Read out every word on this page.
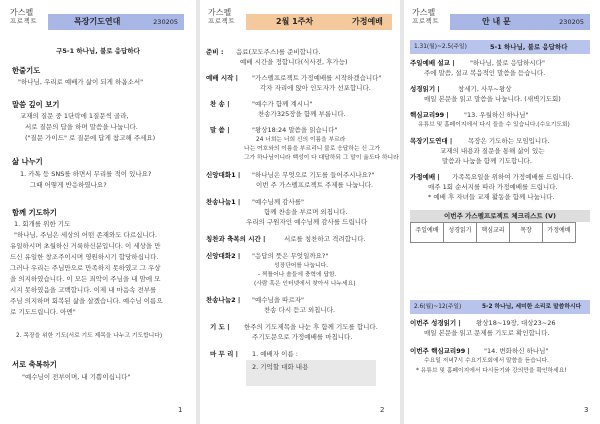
가스펠
프로젝트	목장기도연대	230205
구5-1 하나님, 불로 응답하다
한줄기도
"하나님, 우리로 예배가 삶이 되게 하옵소서"
말씀 깊이 보기
교재의 질문 중 1단락에 1질문씩 골라,
서로 질문의 답을 하며 말씀을 나눕니다.
("질문 가이드" 로 질문에 답게 참고해 주세요)
삶 나누기
1. 카톡 등 SNS를 하면서 무리를 적이 있나요?
그때 어떻게 반응하였나요?
함께 기도하기
1. 회개를 위한 기도
"하나님, 주님은 세상의 어떤 존재와도 다르십니다.
유일하시며 초월하신 거룩하신분입니다. 이 세상을 만
드신 유일한 창조주이시며 영원하시기 합당하십니다.
그러나 우리는 주님만으로 만족하지 못하였고 그 우상
을 의지하였습니다. 이 모든 죄악이 주님을 내 맘에 모
시지 못하였음을 고백합니다. 이제 내 마음속 전부를
주님 의지하며 회복된 삶을 살겠습니다. 예수님 이름으
로 기도드립니다. 아멘"
2. 목장을 위한 기도(서로 기도 제목을 나누고 기도합니다)
서로 축복하기
"예수님이 전부이며, 내 기쁨이십니다"
1
가스펠
프로젝트	2월 1주차	가정예배
준비 : 음료(꼬도주스)를 준비합니다.
예배 시간을 정합니다(식사전, 후가능)
예배 시작 | "가스펠프로젝트 가정예배를 시작하겠습니다"
각자 자리에 앉아 인도자가 선포합니다.
찬 송 |	"예수가 함께 계시니"
찬송가325장을 함께 부릅니다.
말 씀 |	"왕상18:24 말씀을 읽습니다"
24 너희는 너희 신의 이름을 부르라
나는 여호와의 이름을 부르리니 불로 응답하는 신 그가
그가 하나님이니라 백성이 다 대답하되 그 말이 옳도다 하니라
신앙대화1 | "하나님은 무엇으로 기도를 들어주시나요?"
이번 주 가스펠프로젝트 주제를 나눕니다.
찬송나눔1 | "예수님께 감사를"
함께 찬송을 부르며 외칩니다.
우리의 구원자인 예수님께 감사를 드립니다
칭찬과 축복의 시간 |	서로를 칭찬하고 격려합니다.
신앙대화2 | "응답의 뜻은 무엇일까요?"
성장단어를 나눕니다.
- 찍틀어나 솔들에 충혁에 답함.
(사람 혹은 인터넷에서 찾아서 나누세요)
찬송나눔2 | "예수님을 따르자"
찬송 다시 듣고 외칩니다.
기 도 | 한주의 기도제목을 나눈 후 함께 기도를 합니다.
주기도문으로 가정예배를 마칩니다.
마 무 리 | 1. 예배자 이름 :
2. 기억할 대화 내용
2
가스펠
프로젝트	안 내 문	230205
1.31(월)~2.5(주일)	5-1 하나님, 불로 응답하다
주일예배 설교 | "하나님, 불로 응답하시다"
주에 말씀, 설교 복음적인 말씀을 듣습니다.
성경읽기 |	창세기, 사무~왕상
매일 본문을 읽고 말씀을 나눕니다. (새벽기도회)
핵심교리99 | "13. 우월하신 하나님"
유튜브 및 홈페이지에서 다시 들을 수 있습니다.(수요기도회)
목장기도연대 | 목장은 기도하는 모임입니다.
교재의 내용과 질문을 통해 삶이 있는
말씀과 나눔을 함께 기도합니다.
가정예배 | 가족목요일을 위하여 가정예배를 드립니다.
매주 1회 순서지를 따라 가정예배를 드립니다.
* 예배 후 자녀들 교재 활동을 함께 나눕니다.
이번주 가스펠프로젝트 체크리스트 (V)
주일예배	성경읽기	핵심교리	목장	가정예배
2.6(월)~12(주일)	5-2 하나님, 세미한 소리로 말씀하시다
이번주 성경읽기 | 왕상18~19장, 대상23~26
매일 본문을 읽고 문제를 기도로 확인합니다.
이번주 핵심교리99 | "14. 변화하신 하나님"
수요일 저녁7시 수요기도회에서 말씀을 듣습니다.
* 유튜브 및 홈페이지에서 다시듣기와 강의만을 확인하세요!
3
